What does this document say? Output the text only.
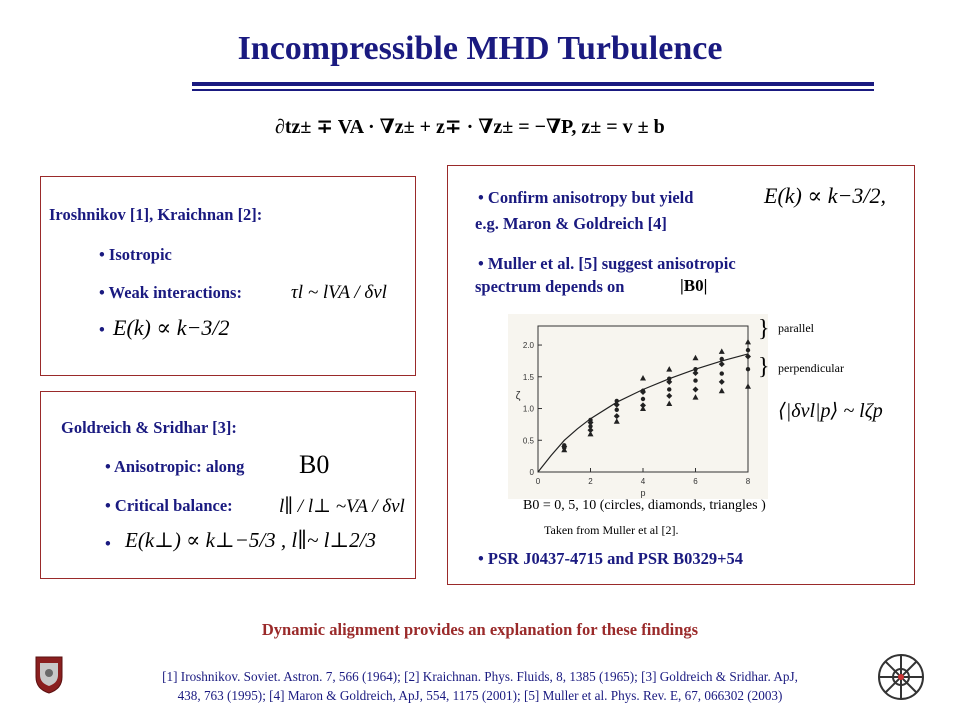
Incompressible MHD Turbulence
∂tz± ∓ VA · ∇z± + z∓ · ∇z± = −∇P, z± = v ± b
Iroshnikov [1], Kraichnan [2]:
• Isotropic
• Weak interactions:	τl ~ lVA / δvl
• E(k) ∝ k−3/2
Goldreich & Sridhar [3]:
• Anisotropic: along B0
• Critical balance: l∥ / l⊥ ~VA / δvl
• E(k⊥) ∝ k⊥−5/3 , l∥~ l⊥2/3
• Confirm anisotropy but yield	E(k) ∝ k−3/2,
e.g. Maron & Goldreich [4]
• Muller et al. [5] suggest anisotropic
spectrum depends on	|B0|
0	2	4	6	8
0
0.5
1.0
1.5
2.0
p
ζ
} parallel
} perpendicular
⟨|δvl|p⟩ ~ lζp
B0 = 0, 5, 10 (circles, diamonds, triangles )
Taken from Muller et al [2].
• PSR J0437-4715 and PSR B0329+54
Dynamic alignment provides an explanation for these findings
[1] Iroshnikov. Soviet. Astron. 7, 566 (1964); [2] Kraichnan. Phys. Fluids, 8, 1385 (1965); [3] Goldreich & Sridhar. ApJ,
438, 763 (1995); [4] Maron & Goldreich, ApJ, 554, 1175 (2001); [5] Muller et al. Phys. Rev. E, 67, 066302 (2003)
